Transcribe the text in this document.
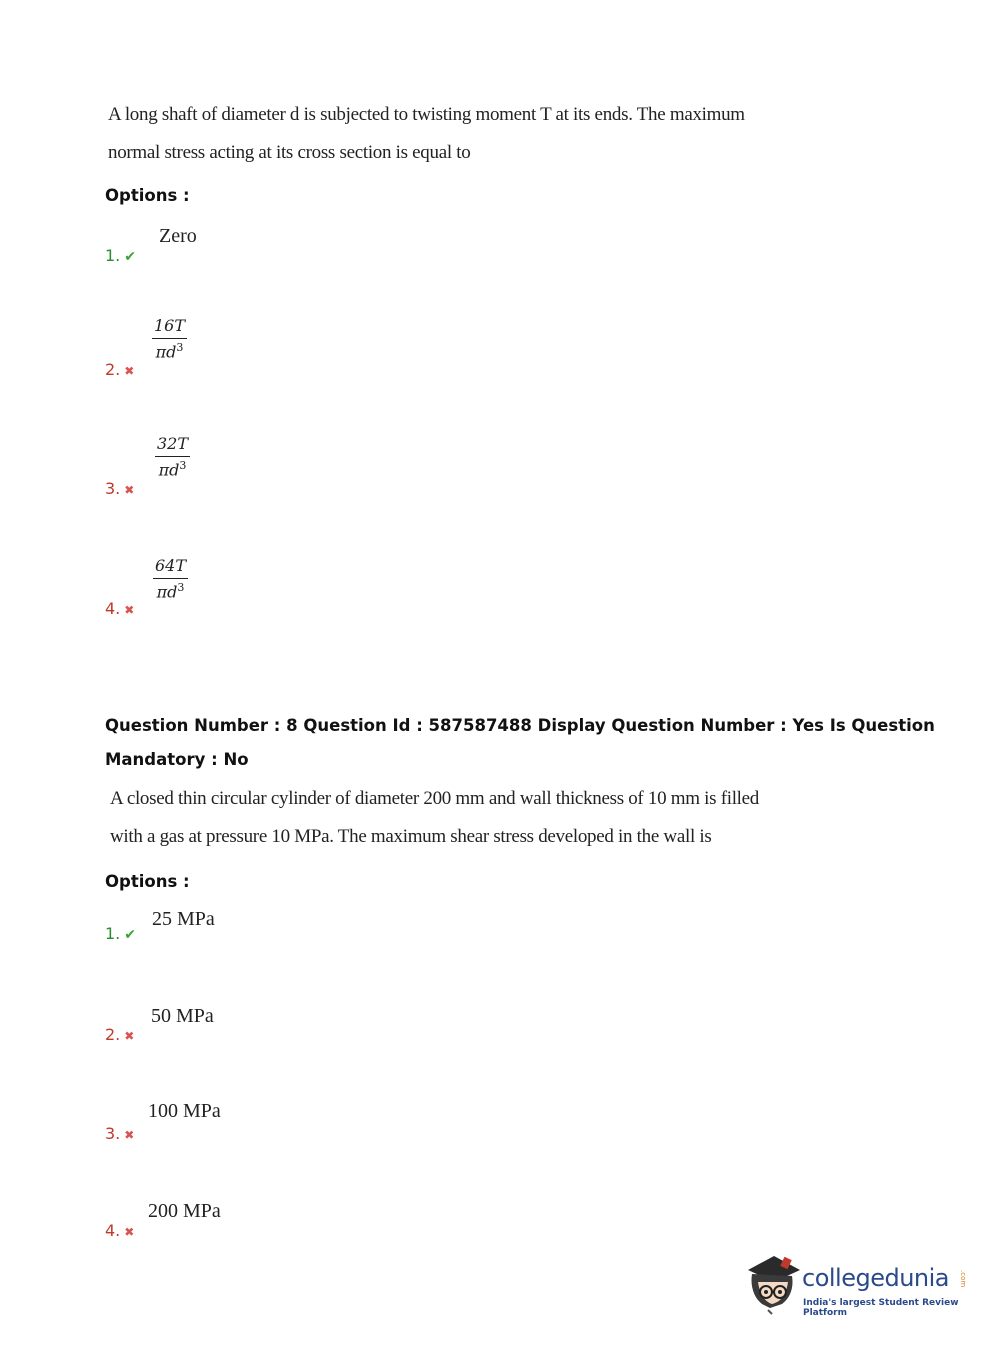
A long shaft of diameter d is subjected to twisting moment T at its ends. The maximum
normal stress acting at its cross section is equal to
Options :
Zero
1. ✔
$\frac{16T}{\pi d^3}$
2. ✖
$\frac{32T}{\pi d^3}$
3. ✖
$\frac{64T}{\pi d^3}$
4. ✖
Question Number : 8 Question Id : 587587488 Display Question Number : Yes Is Question
Mandatory : No
A closed thin circular cylinder of diameter 200 mm and wall thickness of 10 mm is filled
with a gas at pressure 10 MPa. The maximum shear stress developed in the wall is
Options :
25 MPa
1. ✔
50 MPa
2. ✖
100 MPa
3. ✖
200 MPa
4. ✖
collegedunia .com
India's largest Student Review Platform
